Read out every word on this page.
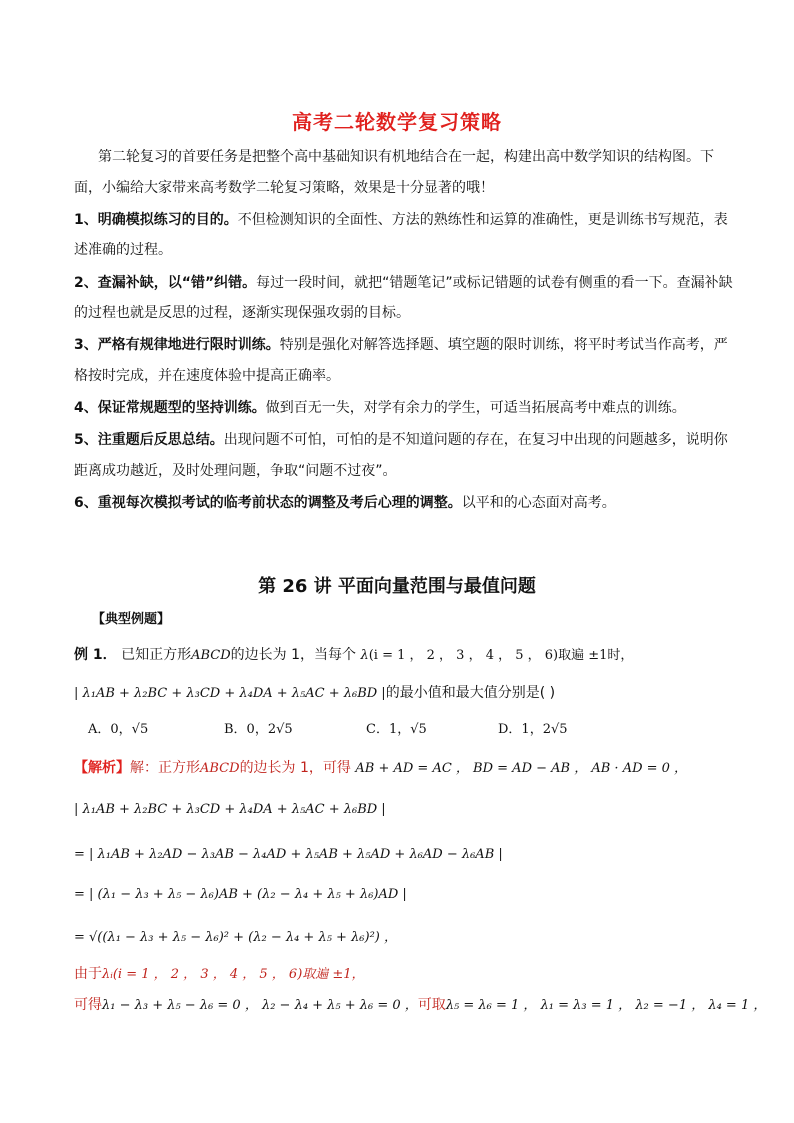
高考二轮数学复习策略
第二轮复习的首要任务是把整个高中基础知识有机地结合在一起，构建出高中数学知识的结构图。下
面，小编给大家带来高考数学二轮复习策略，效果是十分显著的哦！
1、明确模拟练习的目的。不但检测知识的全面性、方法的熟练性和运算的准确性，更是训练书写规范，表
述准确的过程。
2、查漏补缺，以“错”纠错。每过一段时间，就把“错题笔记”或标记错题的试卷有侧重的看一下。查漏补缺
的过程也就是反思的过程，逐渐实现保强攻弱的目标。
3、严格有规律地进行限时训练。特别是强化对解答选择题、填空题的限时训练，将平时考试当作高考，严
格按时完成，并在速度体验中提高正确率。
4、保证常规题型的坚持训练。做到百无一失，对学有余力的学生，可适当拓展高考中难点的训练。
5、注重题后反思总结。出现问题不可怕，可怕的是不知道问题的存在，在复习中出现的问题越多，说明你
距离成功越近，及时处理问题，争取“问题不过夜”。
6、重视每次模拟考试的临考前状态的调整及考后心理的调整。以平和的心态面对高考。
第 26 讲 平面向量范围与最值问题
【典型例题】
例 1． 已知正方形ABCD的边长为 1，当每个 λ(i = 1 ， 2 ， 3 ， 4 ， 5 ， 6)取遍 ±1时，
| λ₁AB + λ₂BC + λ₃CD + λ₄DA + λ₅AC + λ₆BD |的最小值和最大值分别是( )
A．0，√5	B．0，2√5	C．1，√5	D．1，2√5
【解析】解：正方形ABCD的边长为 1，可得 AB + AD = AC ， BD = AD − AB ， AB · AD = 0 ，
| λ₁AB + λ₂BC + λ₃CD + λ₄DA + λ₅AC + λ₆BD |
= | λ₁AB + λ₂AD − λ₃AB − λ₄AD + λ₅AB + λ₅AD + λ₆AD − λ₆AB |
= | (λ₁ − λ₃ + λ₅ − λ₆)AB + (λ₂ − λ₄ + λ₅ + λ₆)AD |
= √((λ₁ − λ₃ + λ₅ − λ₆)² + (λ₂ − λ₄ + λ₅ + λ₆)²) ，
由于λᵢ(i = 1 ， 2 ， 3 ， 4 ， 5 ， 6)取遍 ±1，
可得λ₁ − λ₃ + λ₅ − λ₆ = 0 ， λ₂ − λ₄ + λ₅ + λ₆ = 0 ，可取λ₅ = λ₆ = 1 ， λ₁ = λ₃ = 1 ， λ₂ = −1 ， λ₄ = 1 ，
